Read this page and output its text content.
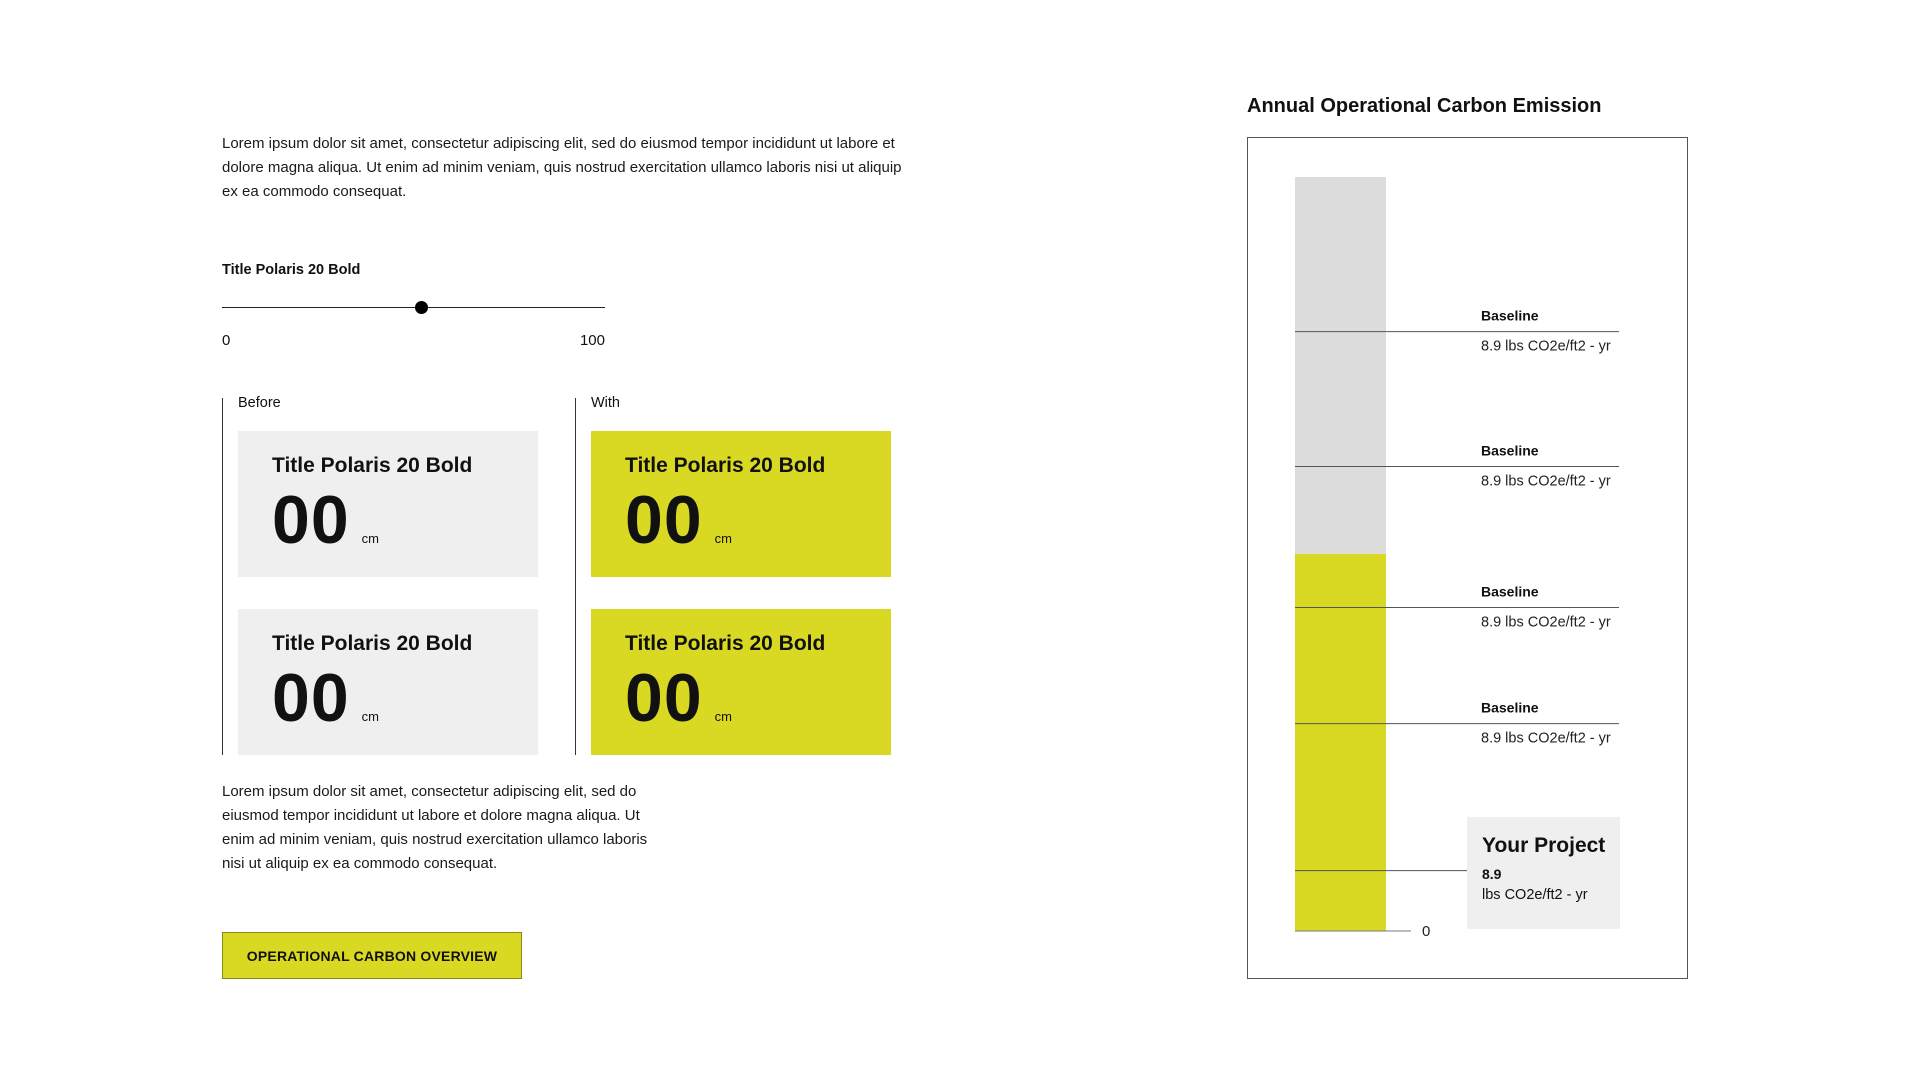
Lorem ipsum dolor sit amet, consectetur adipiscing elit, sed do eiusmod tempor incididunt ut labore et dolore magna aliqua. Ut enim ad minim veniam, quis nostrud exercitation ullamco laboris nisi ut aliquip ex ea commodo consequat.

Title Polaris 20 Bold
0	100
Before
Title Polaris 20 Bold
00 cm
Title Polaris 20 Bold
00 cm
With
Title Polaris 20 Bold
00 cm
Title Polaris 20 Bold
00 cm

Lorem ipsum dolor sit amet, consectetur adipiscing elit, sed do eiusmod tempor incididunt ut labore et dolore magna aliqua. Ut enim ad minim veniam, quis nostrud exercitation ullamco laboris nisi ut aliquip ex ea commodo consequat.

OPERATIONAL CARBON OVERVIEW
Annual Operational Carbon Emission
Baseline
8.9 lbs CO2e/ft2 - yr
Baseline
8.9 lbs CO2e/ft2 - yr
Baseline
8.9 lbs CO2e/ft2 - yr
Baseline
8.9 lbs CO2e/ft2 - yr
0
Your Project
8.9
lbs CO2e/ft2 - yr
